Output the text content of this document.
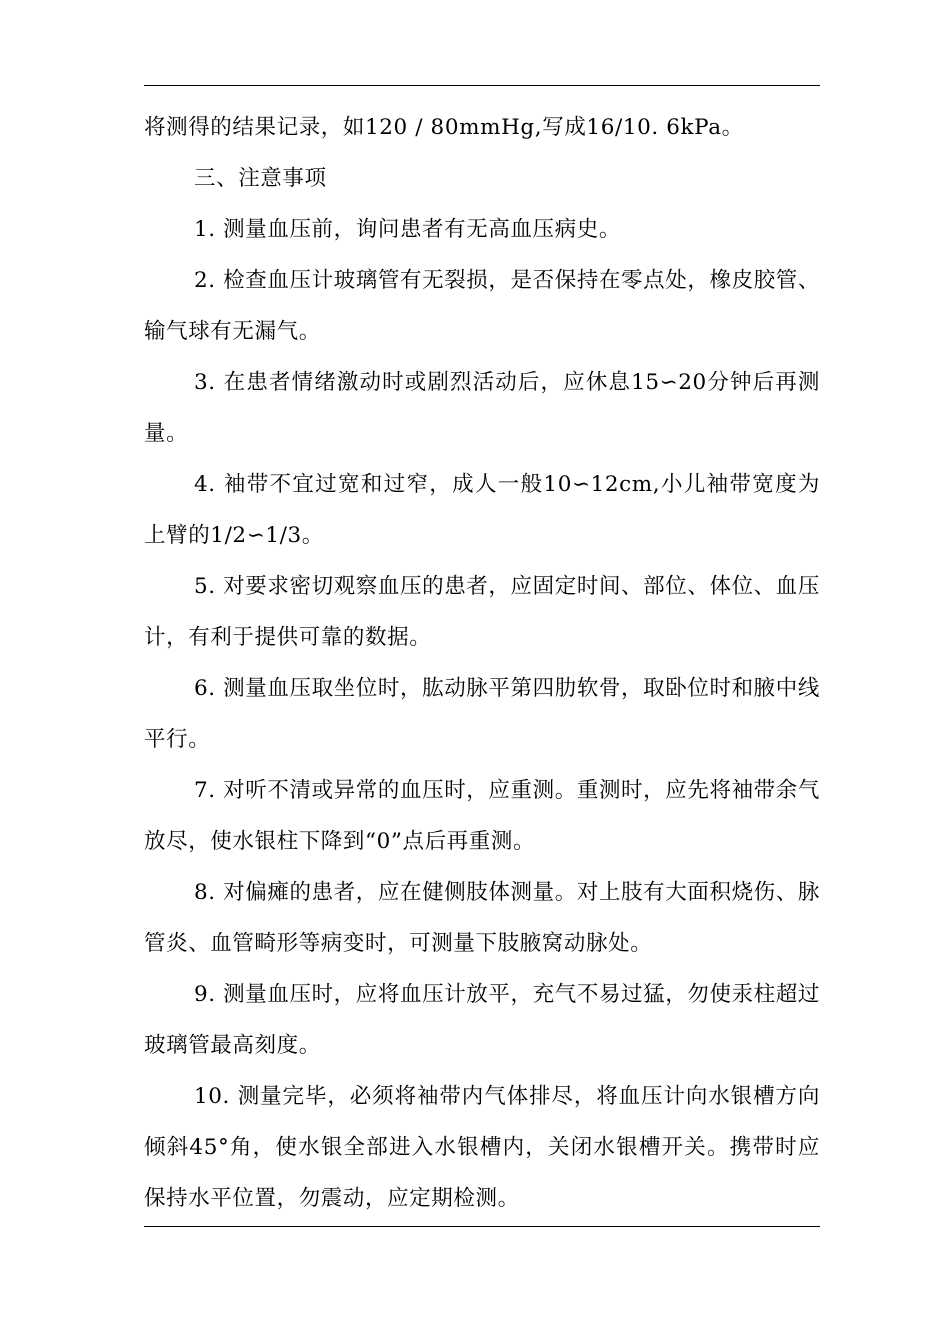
将测得的结果记录，如120 / 80mmHg,写成16/10. 6kPa。

三、注意事项

1. 测量血压前，询问患者有无高血压病史。

2. 检查血压计玻璃管有无裂损，是否保持在零点处，橡皮胶管、输气球有无漏气。

3. 在患者情绪激动时或剧烈活动后，应休息15∽20分钟后再测量。

4. 袖带不宜过宽和过窄，成人一般10∽12cm,小儿袖带宽度为上臂的1/2∽1/3。

5. 对要求密切观察血压的患者，应固定时间、部位、体位、血压计，有利于提供可靠的数据。

6. 测量血压取坐位时，肱动脉平第四肋软骨，取卧位时和腋中线平行。

7. 对听不清或异常的血压时，应重测。重测时，应先将袖带余气放尽，使水银柱下降到“0”点后再重测。

8. 对偏瘫的患者，应在健侧肢体测量。对上肢有大面积烧伤、脉管炎、血管畸形等病变时，可测量下肢腋窝动脉处。

9. 测量血压时，应将血压计放平，充气不易过猛，勿使汞柱超过玻璃管最高刻度。

10. 测量完毕，必须将袖带内气体排尽，将血压计向水银槽方向倾斜45°角，使水银全部进入水银槽内，关闭水银槽开关。携带时应保持水平位置，勿震动，应定期检测。
